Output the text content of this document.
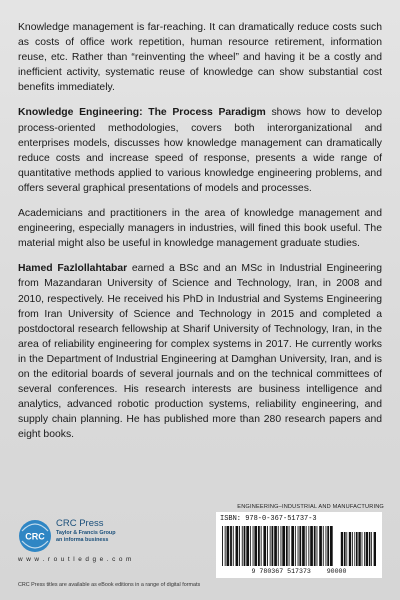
Knowledge management is far-reaching. It can dramatically reduce costs such as costs of office work repetition, human resource retirement, information reuse, etc. Rather than “reinventing the wheel” and having it be a costly and inefficient activity, systematic reuse of knowledge can show substantial cost benefits immediately.

Knowledge Engineering: The Process Paradigm shows how to develop process-oriented methodologies, covers both interorganizational and enterprises models, discusses how knowledge management can dramatically reduce costs and increase speed of response, presents a wide range of quantitative methods applied to various knowledge engineering problems, and offers several graphical presentations of models and processes.

Academicians and practitioners in the area of knowledge management and engineering, especially managers in industries, will fined this book useful. The material might also be useful in knowledge management graduate studies.

Hamed Fazlollahtabar earned a BSc and an MSc in Industrial Engineering from Mazandaran University of Science and Technology, Iran, in 2008 and 2010, respectively. He received his PhD in Industrial and Systems Engineering from Iran University of Science and Technology in 2015 and completed a postdoctoral research fellowship at Sharif University of Technology, Iran, in the area of reliability engineering for complex systems in 2017. He currently works in the Department of Industrial Engineering at Damghan University, Iran, and is on the editorial boards of several journals and on the technical committees of several conferences. His research interests are business intelligence and analytics, advanced robotic production systems, reliability engineering, and supply chain planning. He has published more than 280 research papers and eight books.

CRC
CRC Press
Taylor & Francis Group
an informa business
w w w . r o u t l e d g e . c o m
ENGINEERING–INDUSTRIAL AND MANUFACTURING
ISBN: 978-0-367-51737-3
9 780367 517373 90000
CRC Press titles are available as eBook editions in a range of digital formats
